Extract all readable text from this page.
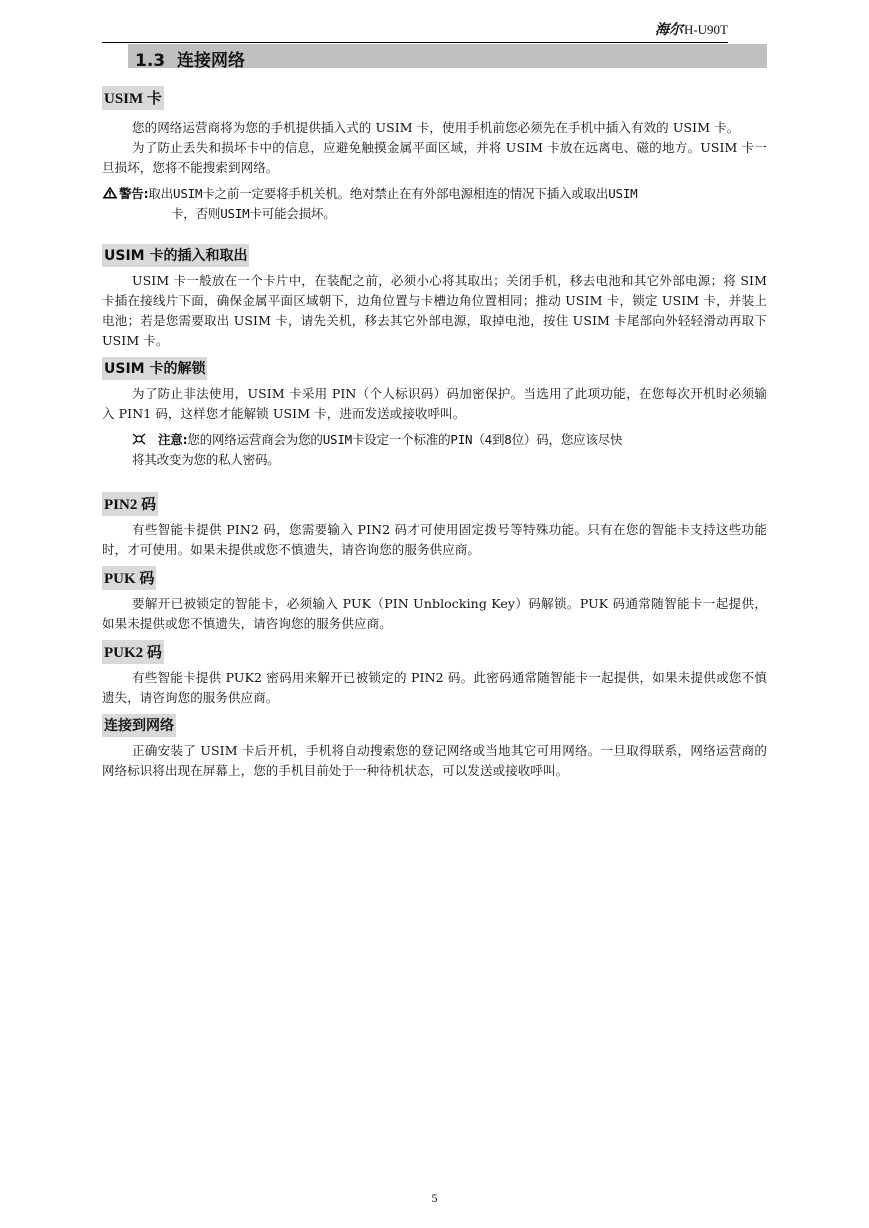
海尔H-U90T
1.3 连接网络
USIM 卡

您的网络运营商将为您的手机提供插入式的 USIM 卡，使用手机前您必须先在手机中插入有效的 USIM 卡。

为了防止丢失和损坏卡中的信息，应避免触摸金属平面区域，并将 USIM 卡放在远离电、磁的地方。USIM 卡一旦损坏，您将不能搜索到网络。

警告:取出USIM卡之前一定要将手机关机。绝对禁止在有外部电源相连的情况下插入或取出USIM
卡，否则USIM卡可能会损坏。
USIM 卡的插入和取出

USIM 卡一般放在一个卡片中，在装配之前，必须小心将其取出；关闭手机，移去电池和其它外部电源；将 SIM 卡插在接线片下面，确保金属平面区域朝下，边角位置与卡槽边角位置相同；推动 USIM 卡，锁定 USIM 卡，并装上电池；若是您需要取出 USIM 卡，请先关机，移去其它外部电源，取掉电池，按住 USIM 卡尾部向外轻轻滑动再取下 USIM 卡。

USIM 卡的解锁

为了防止非法使用，USIM 卡采用 PIN（个人标识码）码加密保护。当选用了此项功能，在您每次开机时必须输入 PIN1 码，这样您才能解锁 USIM 卡，进而发送或接收呼叫。

注意:您的网络运营商会为您的USIM卡设定一个标准的PIN（4到8位）码，您应该尽快
将其改变为您的私人密码。
PIN2 码

有些智能卡提供 PIN2 码，您需要输入 PIN2 码才可使用固定拨号等特殊功能。只有在您的智能卡支持这些功能时，才可使用。如果未提供或您不慎遗失，请咨询您的服务供应商。

PUK 码

要解开已被锁定的智能卡，必须输入 PUK（PIN Unblocking Key）码解锁。PUK 码通常随智能卡一起提供，如果未提供或您不慎遗失，请咨询您的服务供应商。

PUK2 码

有些智能卡提供 PUK2 密码用来解开已被锁定的 PIN2 码。此密码通常随智能卡一起提供，如果未提供或您不慎遗失，请咨询您的服务供应商。

连接到网络

正确安装了 USIM 卡后开机，手机将自动搜索您的登记网络或当地其它可用网络。一旦取得联系，网络运营商的网络标识将出现在屏幕上，您的手机目前处于一种待机状态，可以发送或接收呼叫。

5
